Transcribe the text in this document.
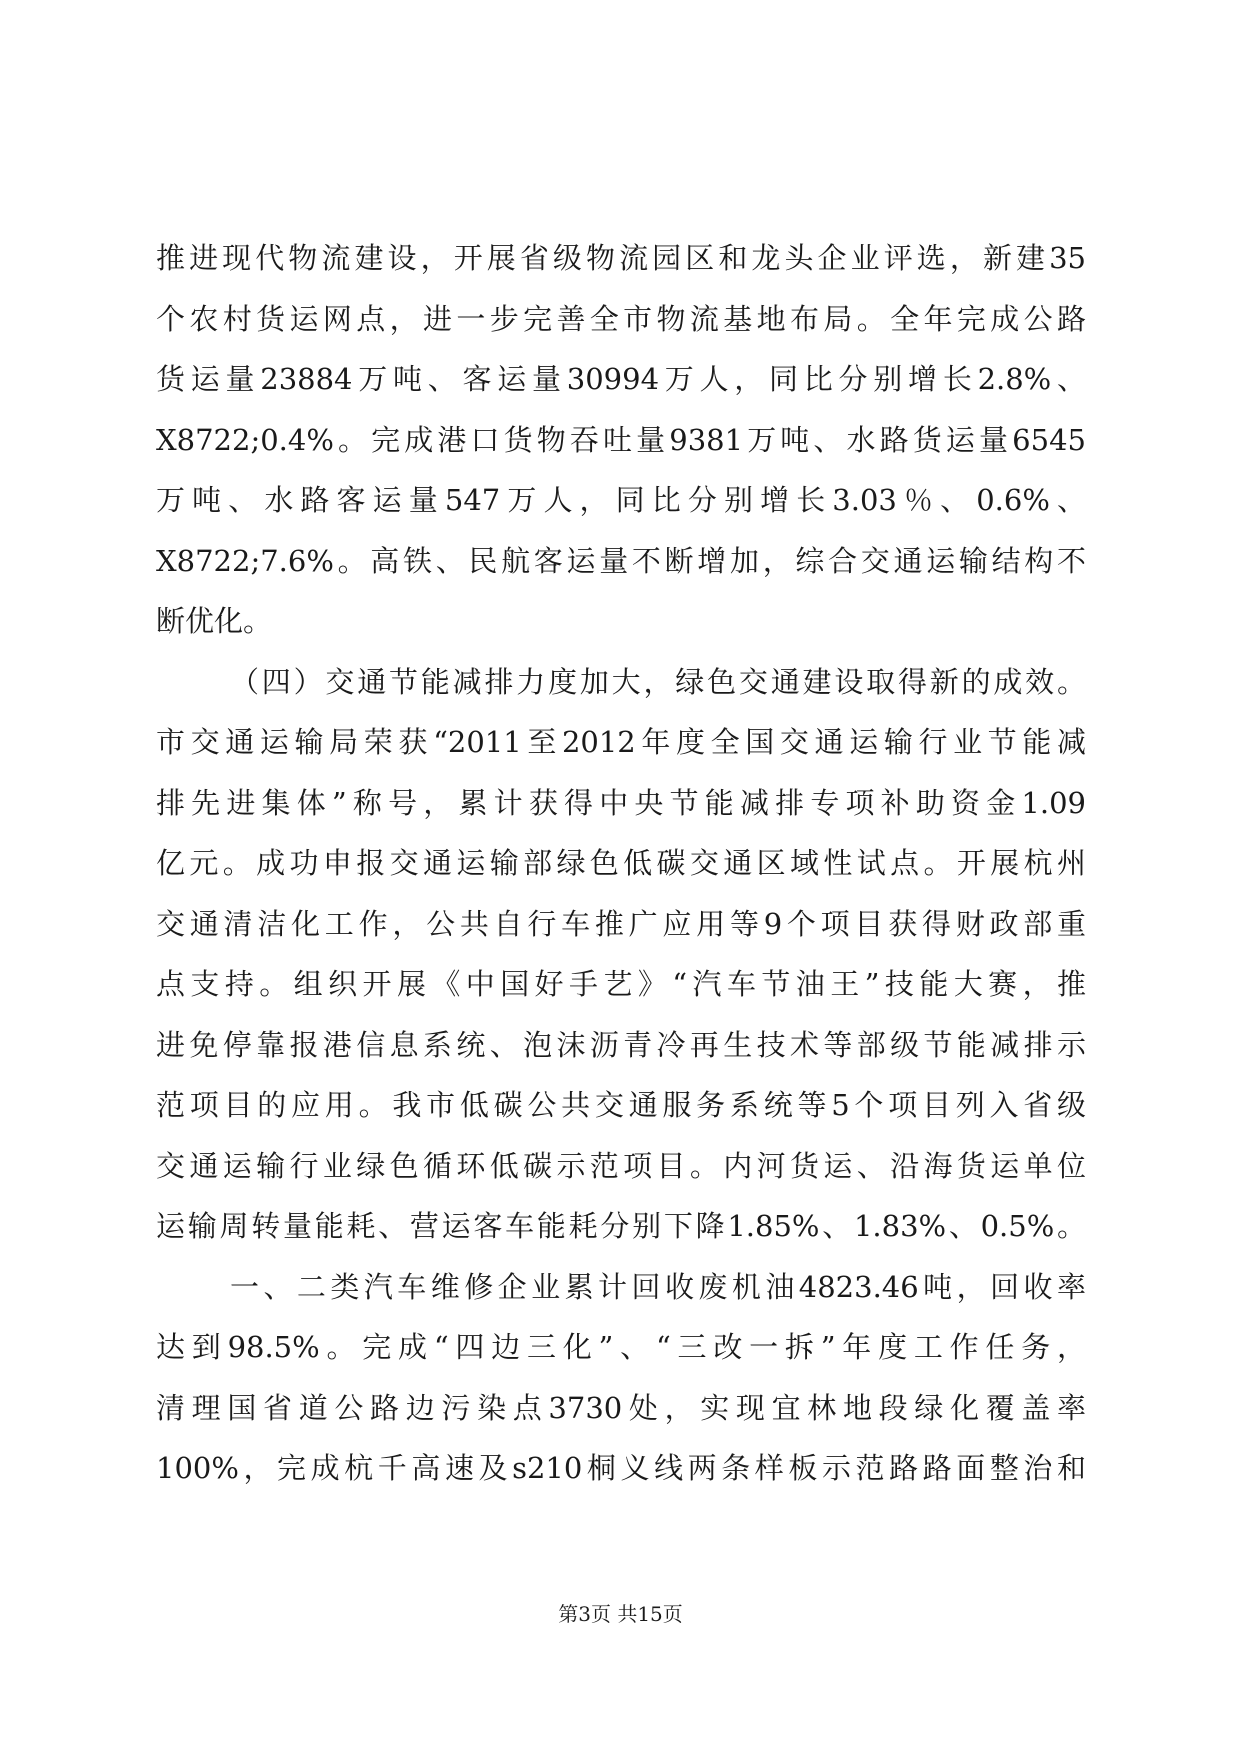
推进现代物流建设，开展省级物流园区和龙头企业评选，新建35
个农村货运网点，进一步完善全市物流基地布局。全年完成公路
货运量23884万吨、客运量30994万人，同比分别增长2.8%、
X8722;0.4%。完成港口货物吞吐量9381万吨、水路货运量6545
万吨、水路客运量547万人，同比分别增长3.03％、0.6%、
X8722;7.6%。高铁、民航客运量不断增加，综合交通运输结构不
断优化。
（四）交通节能减排力度加大，绿色交通建设取得新的成效。
市交通运输局荣获“2011至2012年度全国交通运输行业节能减
排先进集体”称号，累计获得中央节能减排专项补助资金1.09
亿元。成功申报交通运输部绿色低碳交通区域性试点。开展杭州
交通清洁化工作，公共自行车推广应用等9个项目获得财政部重
点支持。组织开展《中国好手艺》“汽车节油王”技能大赛，推
进免停靠报港信息系统、泡沫沥青冷再生技术等部级节能减排示
范项目的应用。我市低碳公共交通服务系统等5个项目列入省级
交通运输行业绿色循环低碳示范项目。内河货运、沿海货运单位
运输周转量能耗、营运客车能耗分别下降1.85%、1.83%、0.5%。
一、二类汽车维修企业累计回收废机油4823.46吨，回收率
达到98.5%。完成“四边三化”、“三改一拆”年度工作任务，
清理国省道公路边污染点3730处，实现宜林地段绿化覆盖率
100%，完成杭千高速及s210桐义线两条样板示范路路面整治和
第3页 共15页
